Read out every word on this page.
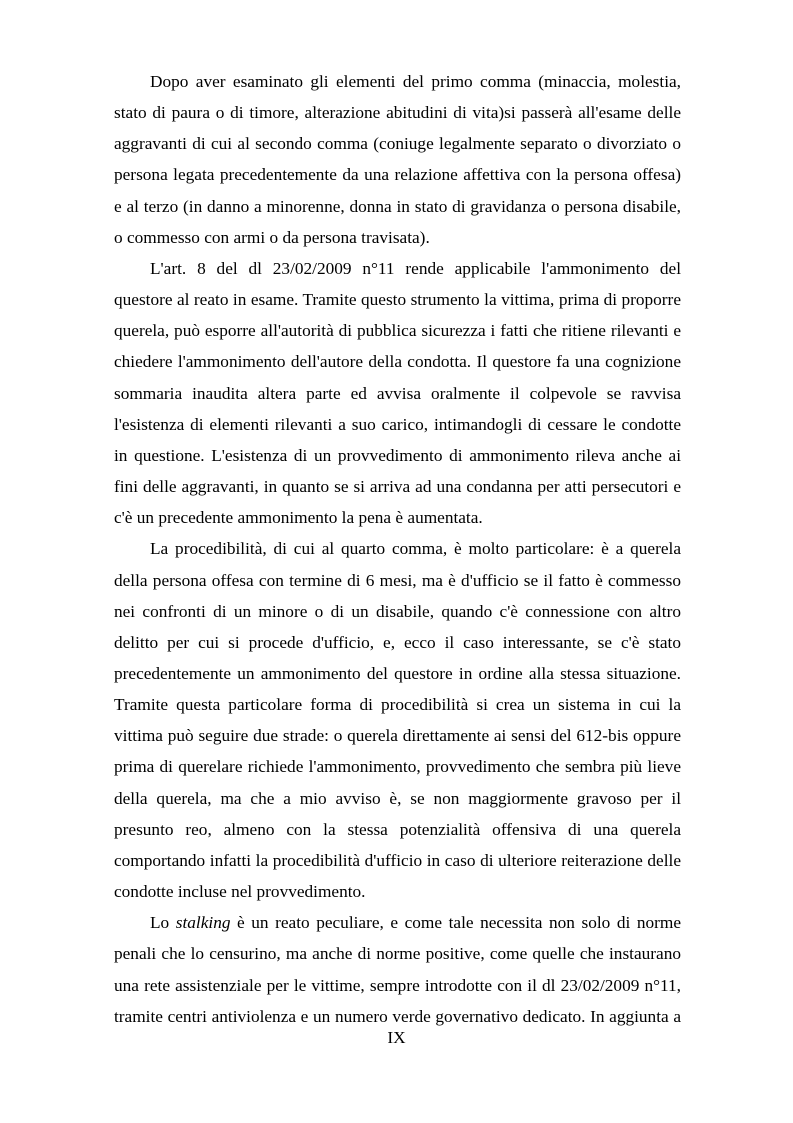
Dopo aver esaminato gli elementi del primo comma (minaccia, molestia, stato di paura o di timore, alterazione abitudini di vita)si passerà all'esame delle aggravanti di cui al secondo comma (coniuge legalmente separato o divorziato o persona legata precedentemente da una relazione affettiva con la persona offesa) e al terzo (in danno a minorenne, donna in stato di gravidanza o persona disabile, o commesso con armi o da persona travisata).

L'art. 8 del dl 23/02/2009 n°11 rende applicabile l'ammonimento del questore al reato in esame. Tramite questo strumento la vittima, prima di proporre querela, può esporre all'autorità di pubblica sicurezza i fatti che ritiene rilevanti e chiedere l'ammonimento dell'autore della condotta. Il questore fa una cognizione sommaria inaudita altera parte ed avvisa oralmente il colpevole se ravvisa l'esistenza di elementi rilevanti a suo carico, intimandogli di cessare le condotte in questione. L'esistenza di un provvedimento di ammonimento rileva anche ai fini delle aggravanti, in quanto se si arriva ad una condanna per atti persecutori e c'è un precedente ammonimento la pena è aumentata.

La procedibilità, di cui al quarto comma, è molto particolare: è a querela della persona offesa con termine di 6 mesi, ma è d'ufficio se il fatto è commesso nei confronti di un minore o di un disabile, quando c'è connessione con altro delitto per cui si procede d'ufficio, e, ecco il caso interessante, se c'è stato precedentemente un ammonimento del questore in ordine alla stessa situazione. Tramite questa particolare forma di procedibilità si crea un sistema in cui la vittima può seguire due strade: o querela direttamente ai sensi del 612-bis oppure prima di querelare richiede l'ammonimento, provvedimento che sembra più lieve della querela, ma che a mio avviso è, se non maggiormente gravoso per il presunto reo, almeno con la stessa potenzialità offensiva di una querela comportando infatti la procedibilità d'ufficio in caso di ulteriore reiterazione delle condotte incluse nel provvedimento.

Lo stalking è un reato peculiare, e come tale necessita non solo di norme penali che lo censurino, ma anche di norme positive, come quelle che instaurano una rete assistenziale per le vittime, sempre introdotte con il dl 23/02/2009 n°11, tramite centri antiviolenza e un numero verde governativo dedicato. In aggiunta a

IX
